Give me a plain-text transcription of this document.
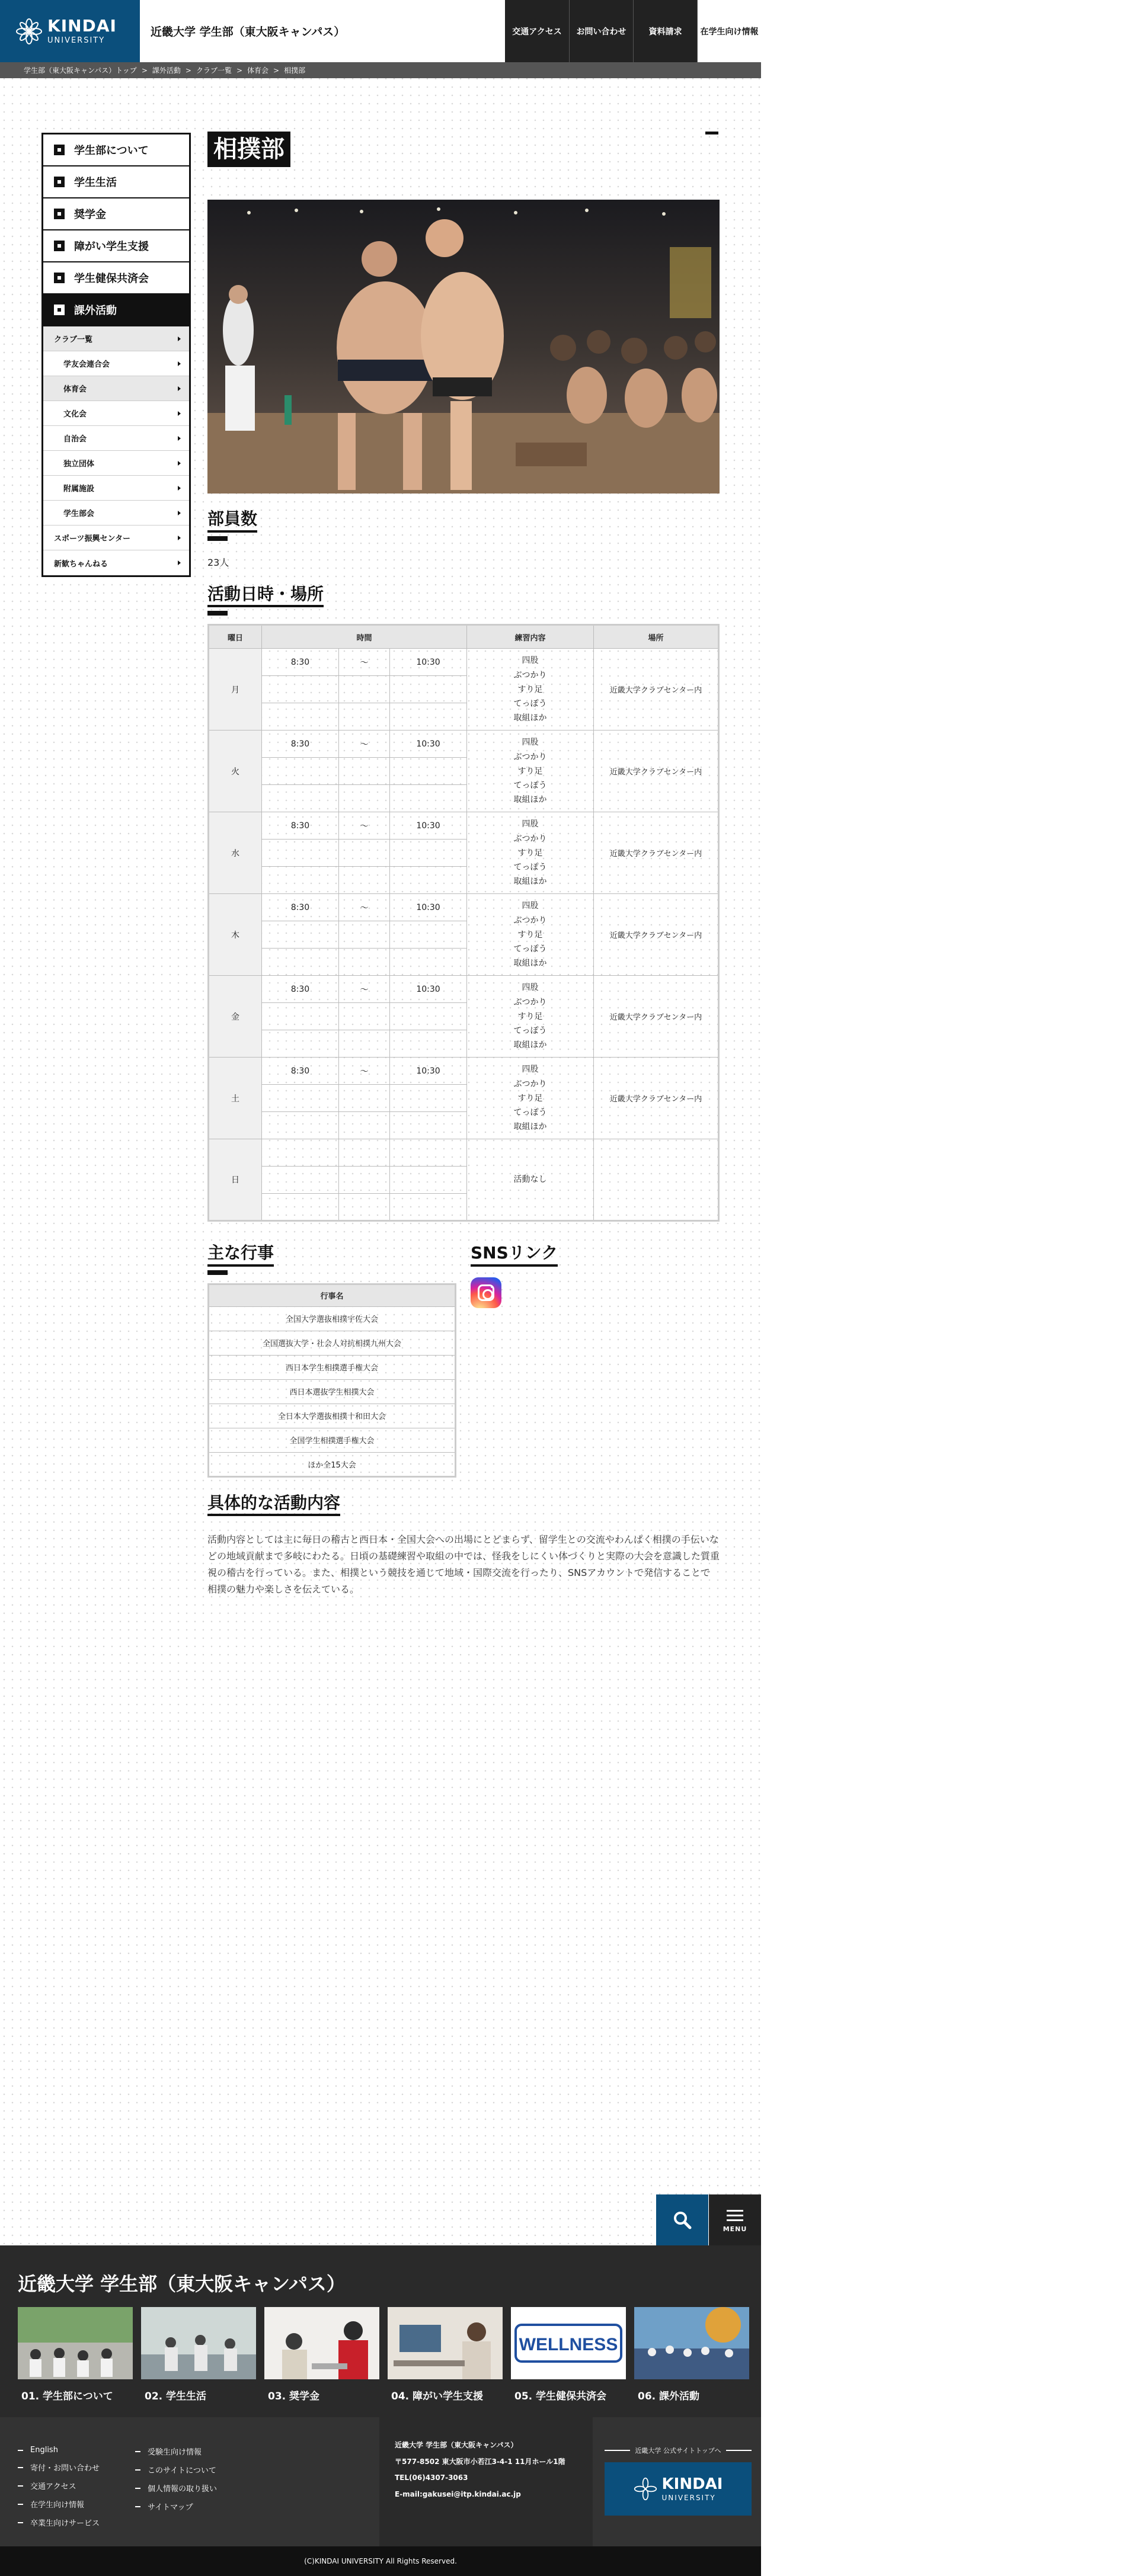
KINDAI
UNIVERSITY
近畿大学 学生部（東大阪キャンパス）	交通アクセス	お問い合わせ	資料請求	在学生向け情報
学生部（東大阪キャンパス）トップ > 課外活動 > クラブ一覧 > 体育会 > 相撲部
学生部について
学生生活
奨学金
障がい学生支援
学生健保共済会
課外活動
クラブ一覧
学友会連合会
体育会
文化会
自治会
独立団体
附属施設
学生部会
スポーツ振興センター
新歓ちゃんねる
相撲部
部員数

23人

活動日時・場所
曜日	時間			練習内容	場所
月	8:30	〜	10:30	四股
ぶつかり
すり足
てっぽう
取組ほか	近畿大学クラブセンター内

火	8:30	〜	10:30	四股
ぶつかり
すり足
てっぽう
取組ほか	近畿大学クラブセンター内

水	8:30	〜	10:30	四股
ぶつかり
すり足
てっぽう
取組ほか	近畿大学クラブセンター内

木	8:30	〜	10:30	四股
ぶつかり
すり足
てっぽう
取組ほか	近畿大学クラブセンター内

金	8:30	〜	10:30	四股
ぶつかり
すり足
てっぽう
取組ほか	近畿大学クラブセンター内

土	8:30	〜	10:30	四股
ぶつかり
すり足
てっぽう
取組ほか	近畿大学クラブセンター内

日				活動なし	

主な行事
行事名
全国大学選抜相撲宇佐大会
全国選抜大学・社会人対抗相撲九州大会
西日本学生相撲選手権大会
西日本選抜学生相撲大会
全日本大学選抜相撲十和田大会
全国学生相撲選手権大会
ほか全15大会
SNSリンク
具体的な活動内容

活動内容としては主に毎日の稽古と西日本・全国大会への出場にとどまらず、留学生との交流やわんぱく相撲の手伝いなどの地域貢献まで多岐にわたる。日頃の基礎練習や取組の中では、怪我をしにくい体づくりと実際の大会を意識した質重視の稽古を行っている。また、相撲という競技を通じて地域・国際交流を行ったり、SNSアカウントで発信することで相撲の魅力や楽しさを伝えている。

MENU
近畿大学 学生部（東大阪キャンパス）
01. 学生部について	02. 学生生活	03. 奨学金	04. 障がい学生支援
WELLNESS
05. 学生健保共済会	06. 課外活動
English
寄付・お問い合わせ
交通アクセス
在学生向け情報
卒業生向けサービス
受験生向け情報
このサイトについて
個人情報の取り扱い
サイトマップ
近畿大学 学生部（東大阪キャンパス）
〒577-8502 東大阪市小若江3-4-1 11月ホール1階
TEL(06)4307-3063
E-mail:gakusei@itp.kindai.ac.jp
近畿大学 公式サイトトップへ
KINDAI
UNIVERSITY
(C)KINDAI UNIVERSITY All Rights Reserved.
